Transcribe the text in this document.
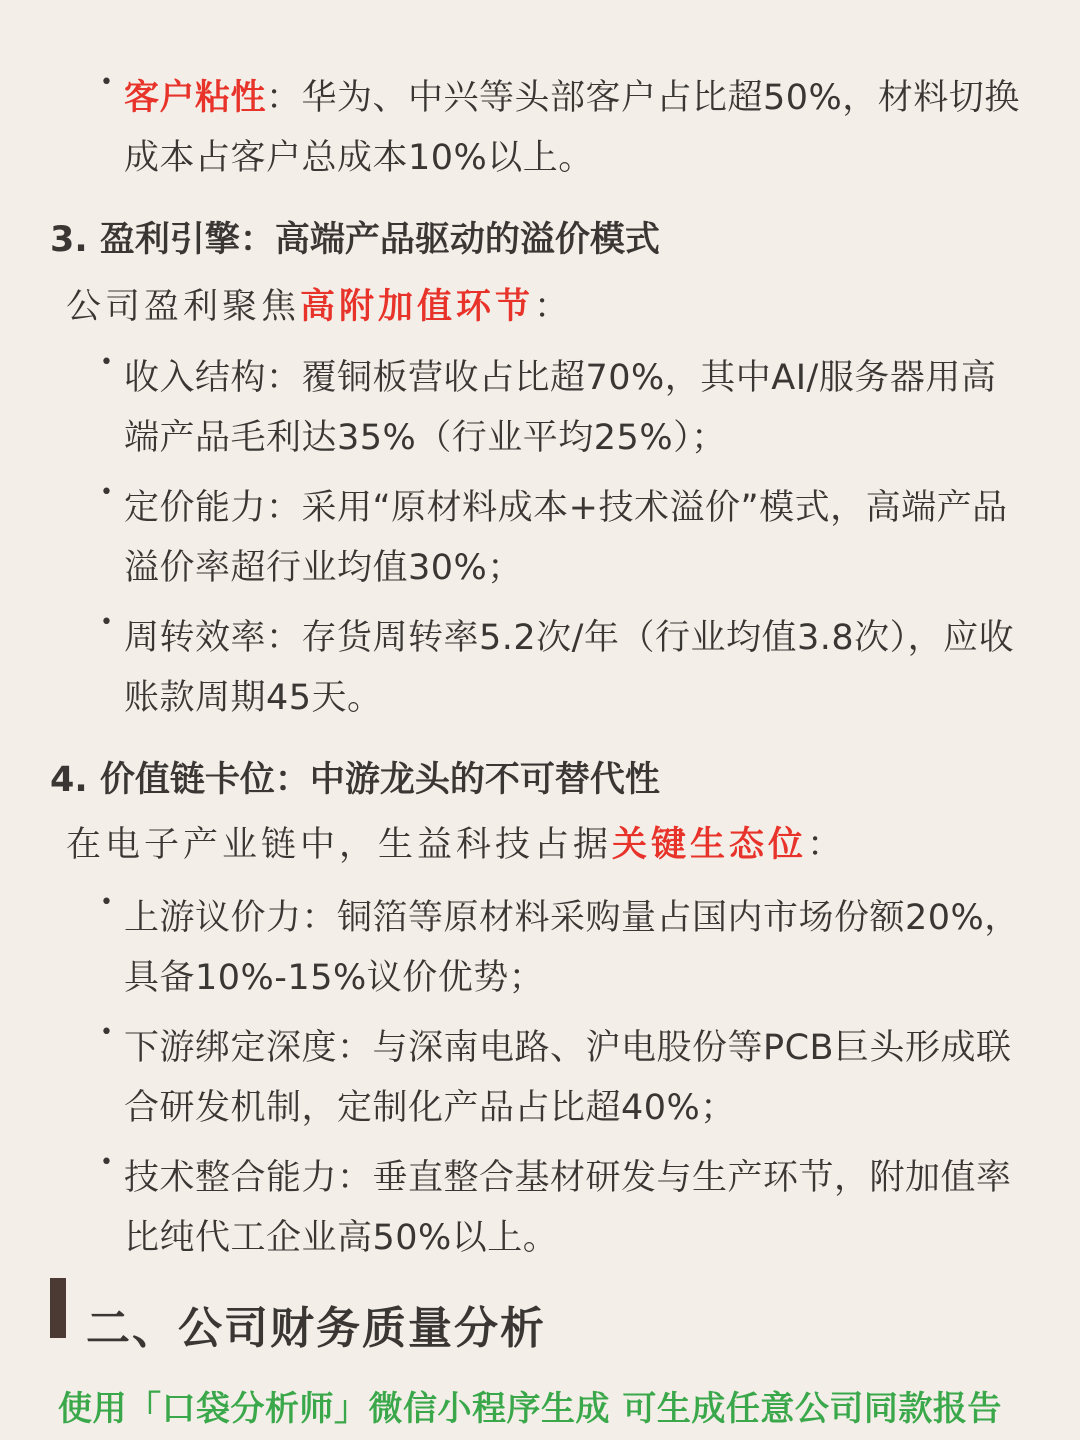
• 客户粘性：华为、中兴等头部客户占比超50%，材料切换成本占客户总成本10%以上。
3. 盈利引擎：高端产品驱动的溢价模式
公司盈利聚焦高附加值环节：
• 收入结构：覆铜板营收占比超70%，其中AI/服务器用高端产品毛利达35%（行业平均25%）；
• 定价能力：采用“原材料成本+技术溢价”模式，高端产品溢价率超行业均值30%；
• 周转效率：存货周转率5.2次/年（行业均值3.8次），应收账款周期45天。
4. 价值链卡位：中游龙头的不可替代性
在电子产业链中，生益科技占据关键生态位：
• 上游议价力：铜箔等原材料采购量占国内市场份额20%，具备10%-15%议价优势；
• 下游绑定深度：与深南电路、沪电股份等PCB巨头形成联合研发机制，定制化产品占比超40%；
• 技术整合能力：垂直整合基材研发与生产环节，附加值率比纯代工企业高50%以上。
二、公司财务质量分析
使用「口袋分析师」微信小程序生成 可生成任意公司同款报告
